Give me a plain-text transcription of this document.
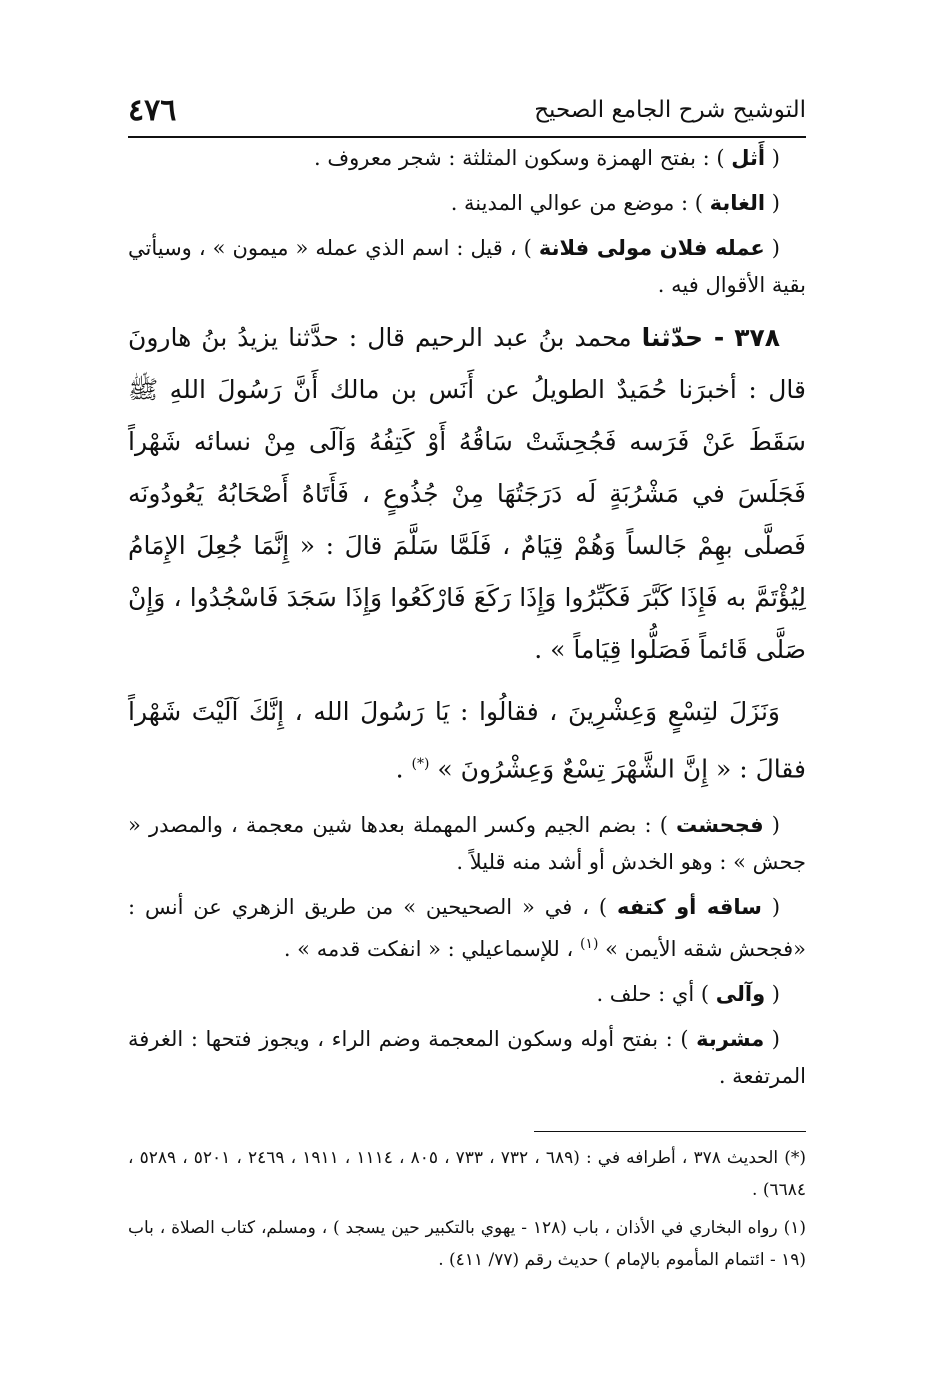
التوشيح شرح الجامع الصحيح
٤٧٦

( أَثل ) : بفتح الهمزة وسكون المثلثة : شجر معروف .

( الغابة ) : موضع من عوالي المدينة .

( عمله فلان مولى فلانة ) ، قيل : اسم الذي عمله « ميمون » ، وسيأتي بقية الأقوال فيه .

٣٧٨ - حدّثنا محمد بنُ عبد الرحيم قال : حدَّثنا يزيدُ بنُ هارونَ قال : أخبرَنا حُمَيدٌ الطويلُ عن أَنَس بن مالك أَنَّ رَسُولَ اللهِ ﷺ سَقَطَ عَنْ فَرَسه فَجُحِشَتْ سَاقُهُ أَوْ كَتِفُهُ وَآلَى مِنْ نسائه شَهْراً فَجَلَسَ في مَشْرُبَةٍ لَه دَرَجَتُهَا مِنْ جُذُوعٍ ، فَأَتَاهُ أَصْحَابُهُ يَعُودُونَه فَصلَّى بهِمْ جَالساً وَهُمْ قِيَامٌ ، فَلَمَّا سَلَّمَ قالَ : « إِنَّمَا جُعِلَ الإِمَامُ لِيُؤْتَمَّ به فَإِذَا كَبَّرَ فَكَبِّرُوا وَإِذَا رَكَعَ فَارْكَعُوا وَإِذَا سَجَدَ فَاسْجُدُوا ، وَإِنْ صَلَّى قَائماً فَصَلُّوا قِيَاماً » .

وَنَزَلَ لتِسْعٍ وَعِشْرِينَ ، فقالُوا : يَا رَسُولَ الله ، إِنَّكَ آلَيْتَ شَهْراً فقالَ : « إِنَّ الشَّهْرَ تِسْعٌ وَعِشْرُونَ » (*) .

( فجحشت ) : بضم الجيم وكسر المهملة بعدها شين معجمة ، والمصدر « جحش » : وهو الخدش أو أشد منه قليلاً .

( ساقه أو كتفه ) ، في « الصحيحين » من طريق الزهري عن أنس : «فجحش شقه الأيمن » $^{(١)}$ ، للإسماعيلي : « انفكت قدمه » .

( وآلى ) أي : حلف .

( مشربة ) : بفتح أوله وسكون المعجمة وضم الراء ، ويجوز فتحها : الغرفة المرتفعة .

(*) الحديث ٣٧٨ ، أطرافه في : (٦٨٩ ، ٧٣٢ ، ٧٣٣ ، ٨٠٥ ، ١١١٤ ، ١٩١١ ، ٢٤٦٩ ، ٥٢٠١ ، ٥٢٨٩ ، ٦٦٨٤) .

(١) رواه البخاري في الأذان ، باب (١٢٨ - يهوي بالتكبير حين يسجد ) ، ومسلم، كتاب الصلاة ، باب (١٩ - ائتمام المأموم بالإمام ) حديث رقم (٧٧/ ٤١١) .
